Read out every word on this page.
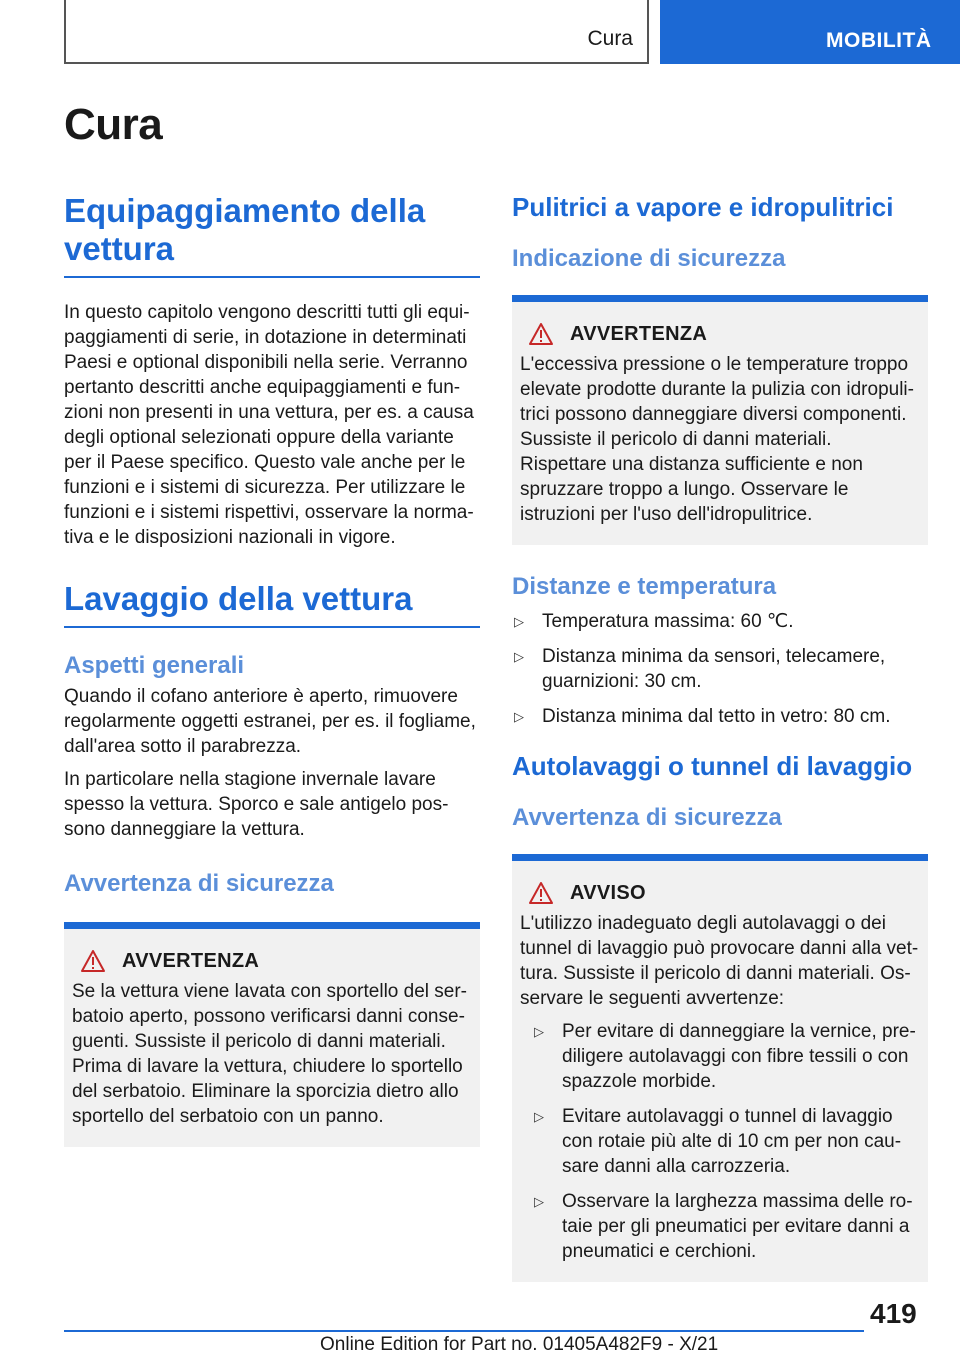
Cura	MOBILITÀ
Cura
Equipaggiamento della vettura
In questo capitolo vengono descritti tutti gli equipaggiamenti di serie, in dotazione in determinati Paesi e optional disponibili nella serie. Verranno pertanto descritti anche equipaggiamenti e funzioni non presenti in una vettura, per es. a causa degli optional selezionati oppure della variante per il Paese specifico. Questo vale anche per le funzioni e i sistemi di sicurezza. Per utilizzare le funzioni e i sistemi rispettivi, osservare la normativa e le disposizioni nazionali in vigore.
Lavaggio della vettura
Aspetti generali
Quando il cofano anteriore è aperto, rimuovere regolarmente oggetti estranei, per es. il fogliame, dall'area sotto il parabrezza.
In particolare nella stagione invernale lavare spesso la vettura. Sporco e sale antigelo possono danneggiare la vettura.
Avvertenza di sicurezza
AVVERTENZA
Se la vettura viene lavata con sportello del serbatoio aperto, possono verificarsi danni conseguenti. Sussiste il pericolo di danni materiali. Prima di lavare la vettura, chiudere lo sportello del serbatoio. Eliminare la sporcizia dietro allo sportello del serbatoio con un panno.
Pulitrici a vapore e idropulitrici
Indicazione di sicurezza
AVVERTENZA
L'eccessiva pressione o le temperature troppo elevate prodotte durante la pulizia con idropulitrici possono danneggiare diversi componenti. Sussiste il pericolo di danni materiali. Rispettare una distanza sufficiente e non spruzzare troppo a lungo. Osservare le istruzioni per l'uso dell'idropulitrice.
Distanze e temperatura
▷ Temperatura massima: 60 ℃.
▷ Distanza minima da sensori, telecamere, guarnizioni: 30 cm.
▷ Distanza minima dal tetto in vetro: 80 cm.
Autolavaggi o tunnel di lavaggio
Avvertenza di sicurezza
AVVISO
L'utilizzo inadeguato degli autolavaggi o dei tunnel di lavaggio può provocare danni alla vettura. Sussiste il pericolo di danni materiali. Osservare le seguenti avvertenze:
▷ Per evitare di danneggiare la vernice, prediligere autolavaggi con fibre tessili o con spazzole morbide.
▷ Evitare autolavaggi o tunnel di lavaggio con rotaie più alte di 10 cm per non causare danni alla carrozzeria.
▷ Osservare la larghezza massima delle rotaie per gli pneumatici per evitare danni a pneumatici e cerchioni.
419
Online Edition for Part no. 01405A482F9 - X/21
